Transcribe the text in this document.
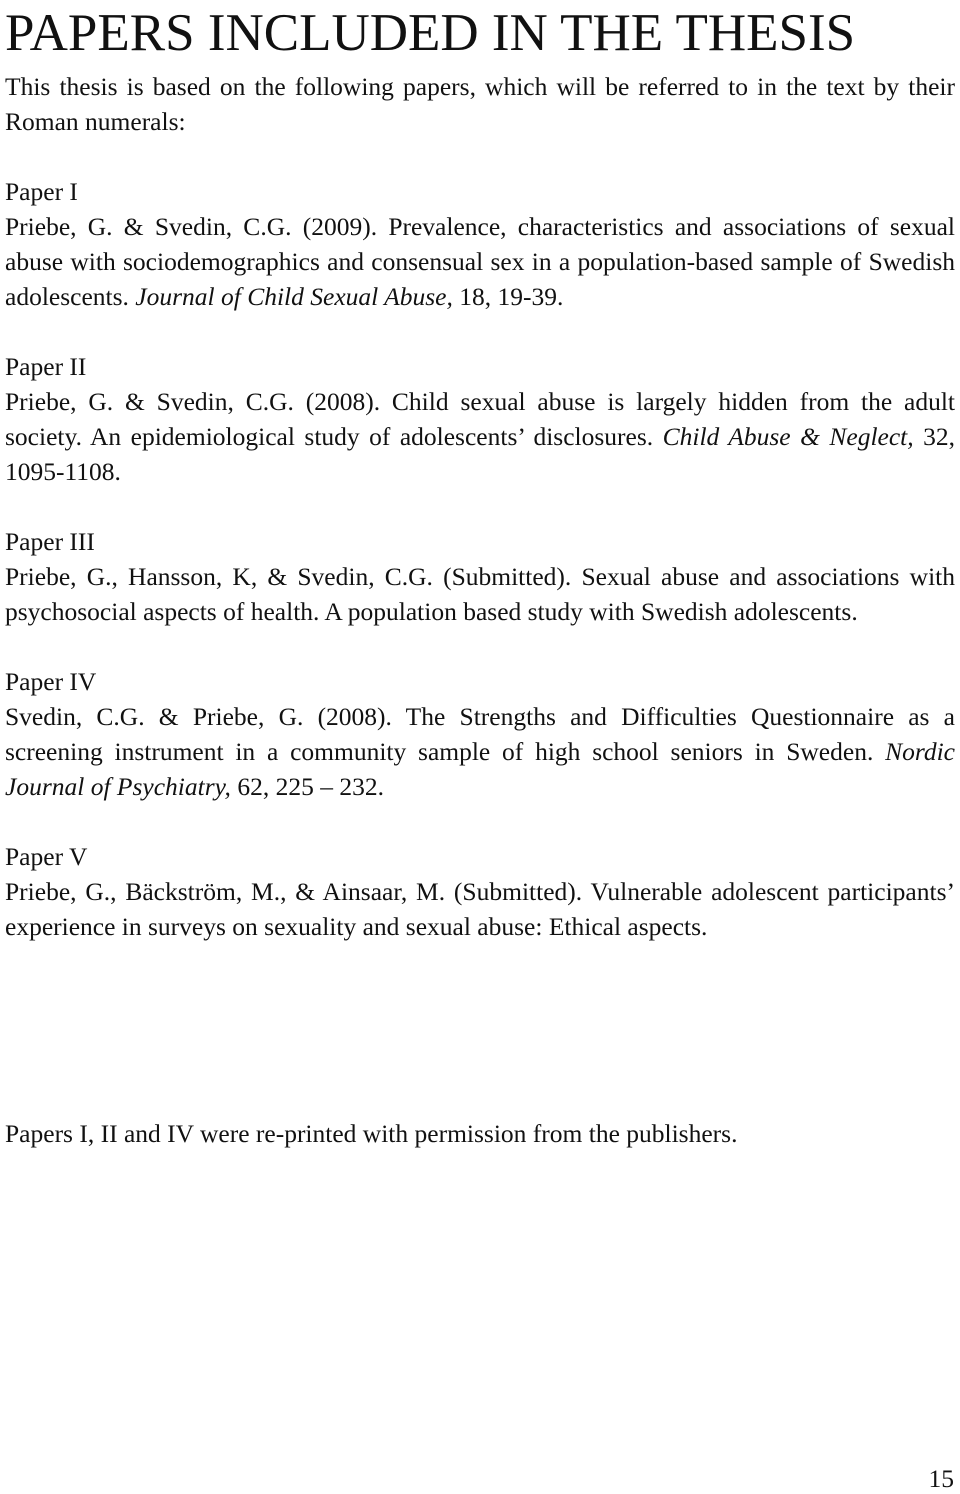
PAPERS INCLUDED IN THE THESIS

This thesis is based on the following papers, which will be referred to in the text by their Roman numerals:

Paper I

Priebe, G. & Svedin, C.G. (2009). Prevalence, characteristics and associations of sexual abuse with sociodemographics and consensual sex in a population-based sample of Swedish adolescents. Journal of Child Sexual Abuse, 18, 19-39.

Paper II

Priebe, G. & Svedin, C.G. (2008). Child sexual abuse is largely hidden from the adult society. An epidemiological study of adolescents’ disclosures. Child Abuse & Neglect, 32, 1095-1108.

Paper III

Priebe, G., Hansson, K, & Svedin, C.G. (Submitted). Sexual abuse and associations with psychosocial aspects of health. A population based study with Swedish adolescents.

Paper IV

Svedin, C.G. & Priebe, G. (2008). The Strengths and Difficulties Questionnaire as a screening instrument in a community sample of high school seniors in Sweden. Nordic Journal of Psychiatry, 62, 225 – 232.

Paper V

Priebe, G., Bäckström, M., & Ainsaar, M. (Submitted). Vulnerable adolescent participants’ experience in surveys on sexuality and sexual abuse: Ethical aspects.

Papers I, II and IV were re-printed with permission from the publishers.

15
